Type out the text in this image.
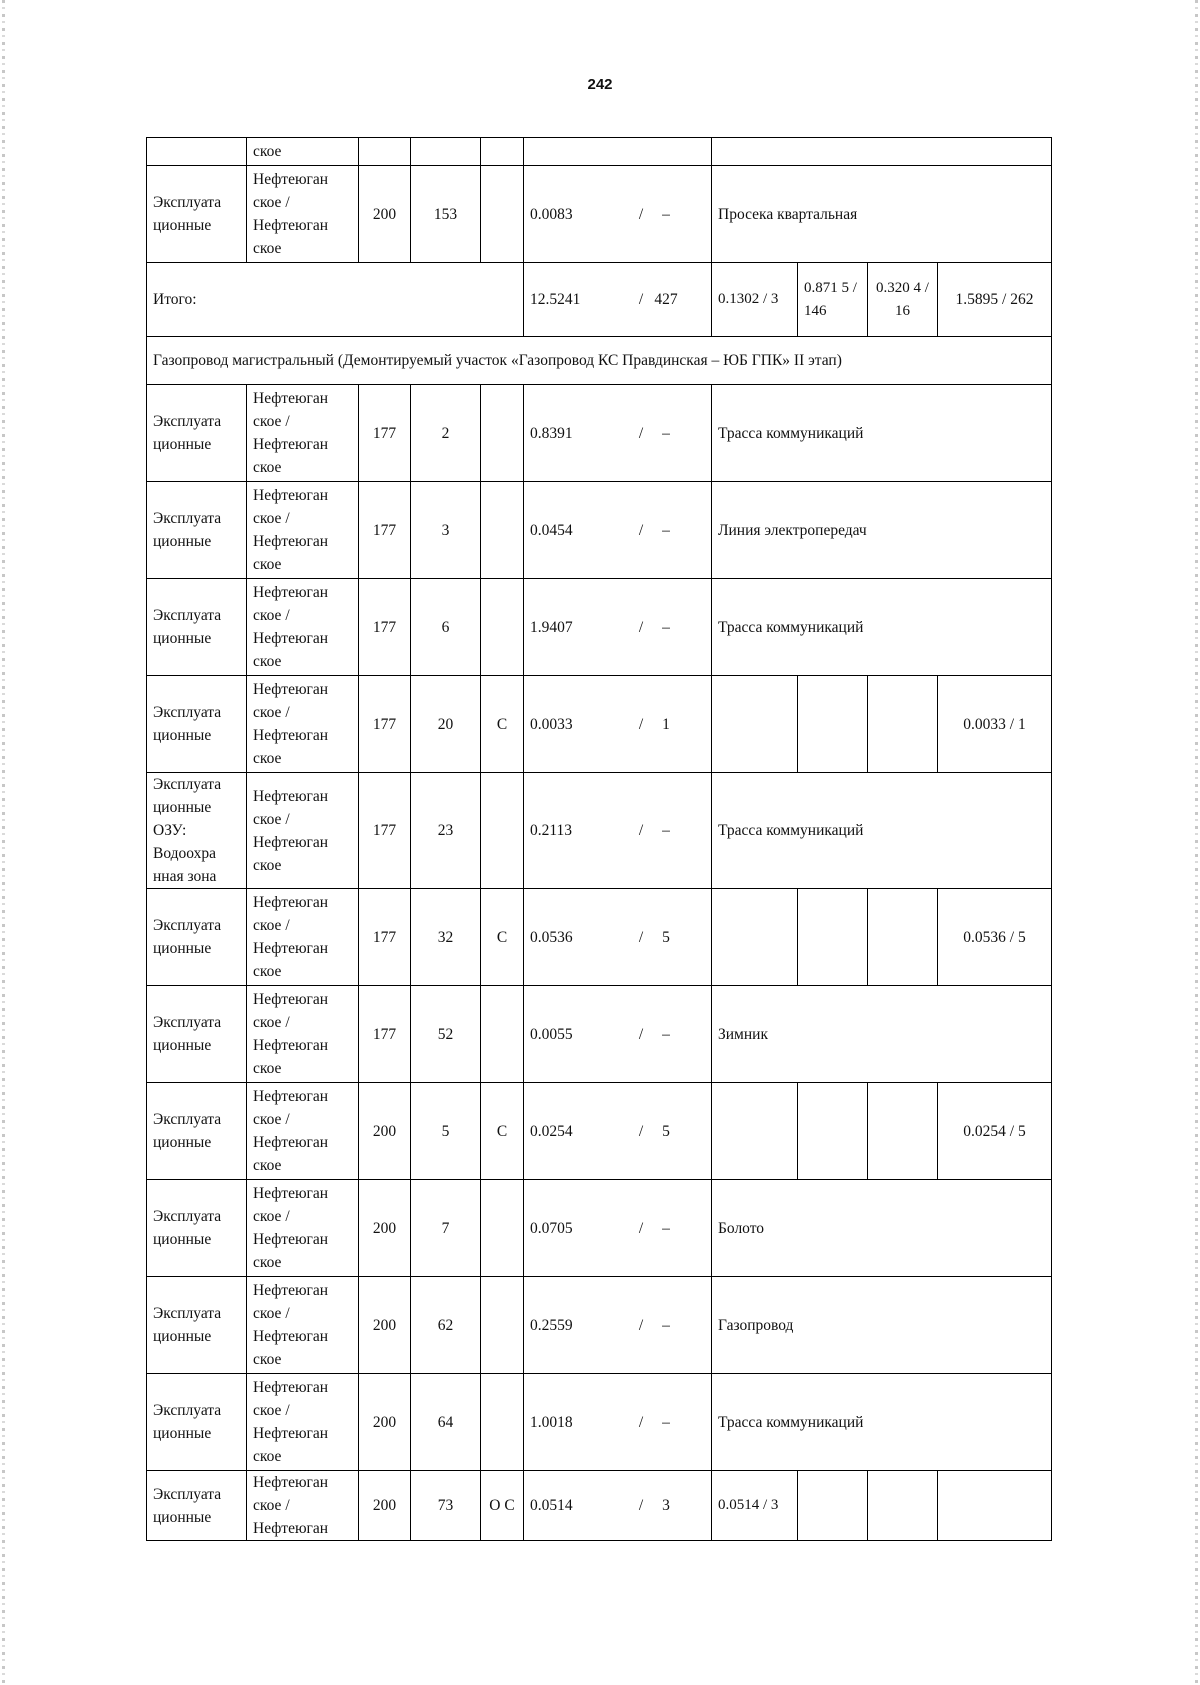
242
	ское								
Эксплуата ционные	Нефтеюган ское / Нефтеюган ское	200	153		0.0083 / –	Просека квартальная			
Итого:					12.5241 / 427	0.1302 / 3	0.871 5 / 146	0.320 4 / 16	1.5895 / 262
Газопровод магистральный (Демонтируемый участок «Газопровод КС Правдинская – ЮБ ГПК» II этап)									
Эксплуата ционные	Нефтеюган ское / Нефтеюган ское	177	2		0.8391 / –	Трасса коммуникаций			
Эксплуата ционные	Нефтеюган ское / Нефтеюган ское	177	3		0.0454 / –	Линия электропередач			
Эксплуата ционные	Нефтеюган ское / Нефтеюган ское	177	6		1.9407 / –	Трасса коммуникаций			
Эксплуата ционные	Нефтеюган ское / Нефтеюган ское	177	20	С	0.0033 / 1				0.0033 / 1
Эксплуата ционные ОЗУ: Водоохра нная зона	Нефтеюган ское / Нефтеюган ское	177	23		0.2113 / –	Трасса коммуникаций			
Эксплуата ционные	Нефтеюган ское / Нефтеюган ское	177	32	С	0.0536 / 5				0.0536 / 5
Эксплуата ционные	Нефтеюган ское / Нефтеюган ское	177	52		0.0055 / –	Зимник			
Эксплуата ционные	Нефтеюган ское / Нефтеюган ское	200	5	С	0.0254 / 5				0.0254 / 5
Эксплуата ционные	Нефтеюган ское / Нефтеюган ское	200	7		0.0705 / –	Болото			
Эксплуата ционные	Нефтеюган ское / Нефтеюган ское	200	62		0.2559 / –	Газопровод			
Эксплуата ционные	Нефтеюган ское / Нефтеюган ское	200	64		1.0018 / –	Трасса коммуникаций			
Эксплуата ционные	Нефтеюган ское / Нефтеюган	200	73	О С	0.0514 / 3	0.0514 / 3			
